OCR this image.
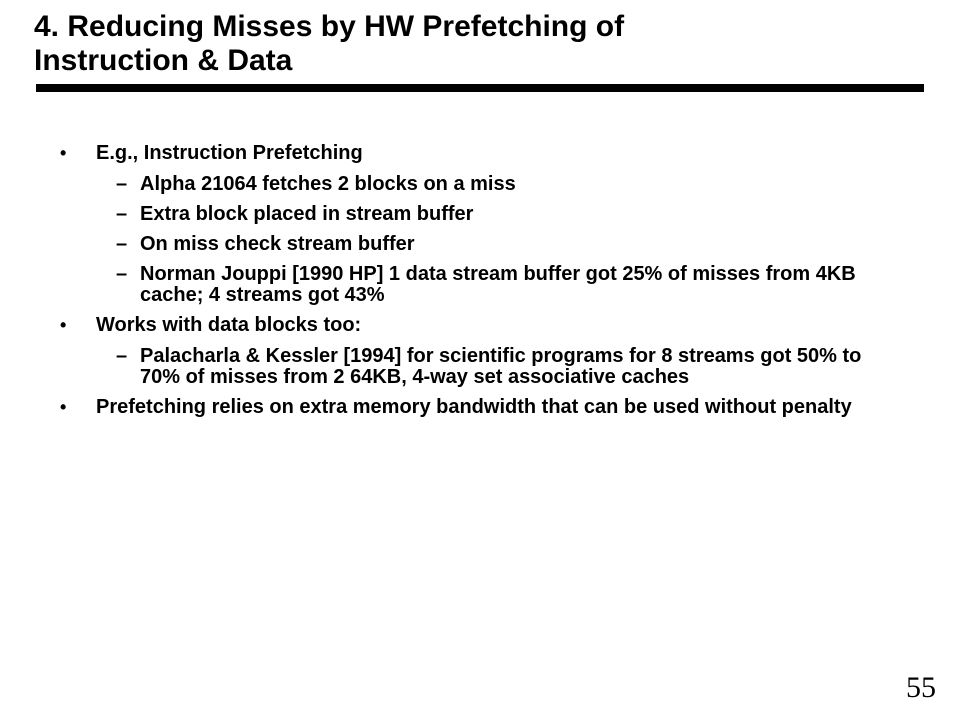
4. Reducing Misses by HW Prefetching of
Instruction & Data
• E.g., Instruction Prefetching
– Alpha 21064 fetches 2 blocks on a miss
– Extra block placed in stream buffer
– On miss check stream buffer
– Norman Jouppi [1990 HP] 1 data stream buffer got 25% of misses from 4KB cache; 4 streams got 43%
• Works with data blocks too:
– Palacharla & Kessler [1994] for scientific programs for 8 streams got 50% to 70% of misses from 2 64KB, 4-way set associative caches
• Prefetching relies on extra memory bandwidth that can be used without penalty
55
